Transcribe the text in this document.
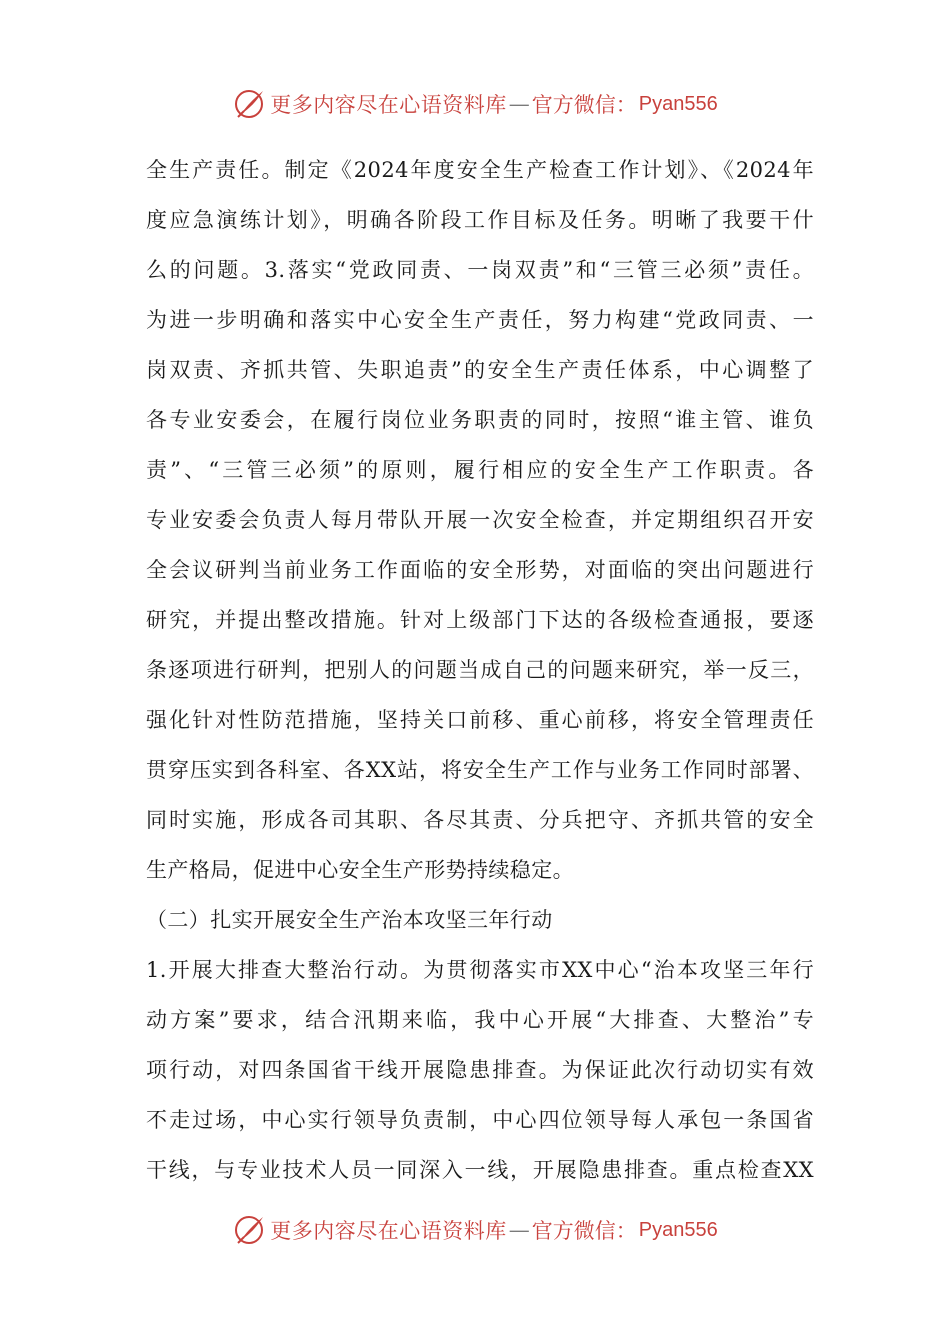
更多内容尽在心语资料库 — 官方微信： Pyan556
全生产责任。制定《2024年度安全生产检查工作计划》、《2024年
度应急演练计划》，明确各阶段工作目标及任务。明晰了我要干什
么的问题。3.落实“党政同责、一岗双责”和“三管三必须”责任。
为进一步明确和落实中心安全生产责任，努力构建“党政同责、一
岗双责、齐抓共管、失职追责”的安全生产责任体系，中心调整了
各专业安委会，在履行岗位业务职责的同时，按照“谁主管、谁负
责”、“三管三必须”的原则，履行相应的安全生产工作职责。各
专业安委会负责人每月带队开展一次安全检查，并定期组织召开安
全会议研判当前业务工作面临的安全形势，对面临的突出问题进行
研究，并提出整改措施。针对上级部门下达的各级检查通报，要逐
条逐项进行研判，把别人的问题当成自己的问题来研究，举一反三，
强化针对性防范措施，坚持关口前移、重心前移，将安全管理责任
贯穿压实到各科室、各XX站，将安全生产工作与业务工作同时部署、
同时实施，形成各司其职、各尽其责、分兵把守、齐抓共管的安全
生产格局，促进中心安全生产形势持续稳定。
（二）扎实开展安全生产治本攻坚三年行动
1.开展大排查大整治行动。为贯彻落实市XX中心“治本攻坚三年行
动方案”要求，结合汛期来临，我中心开展“大排查、大整治”专
项行动，对四条国省干线开展隐患排查。为保证此次行动切实有效
不走过场，中心实行领导负责制，中心四位领导每人承包一条国省
干线，与专业技术人员一同深入一线，开展隐患排查。重点检查XX
更多内容尽在心语资料库 — 官方微信： Pyan556
